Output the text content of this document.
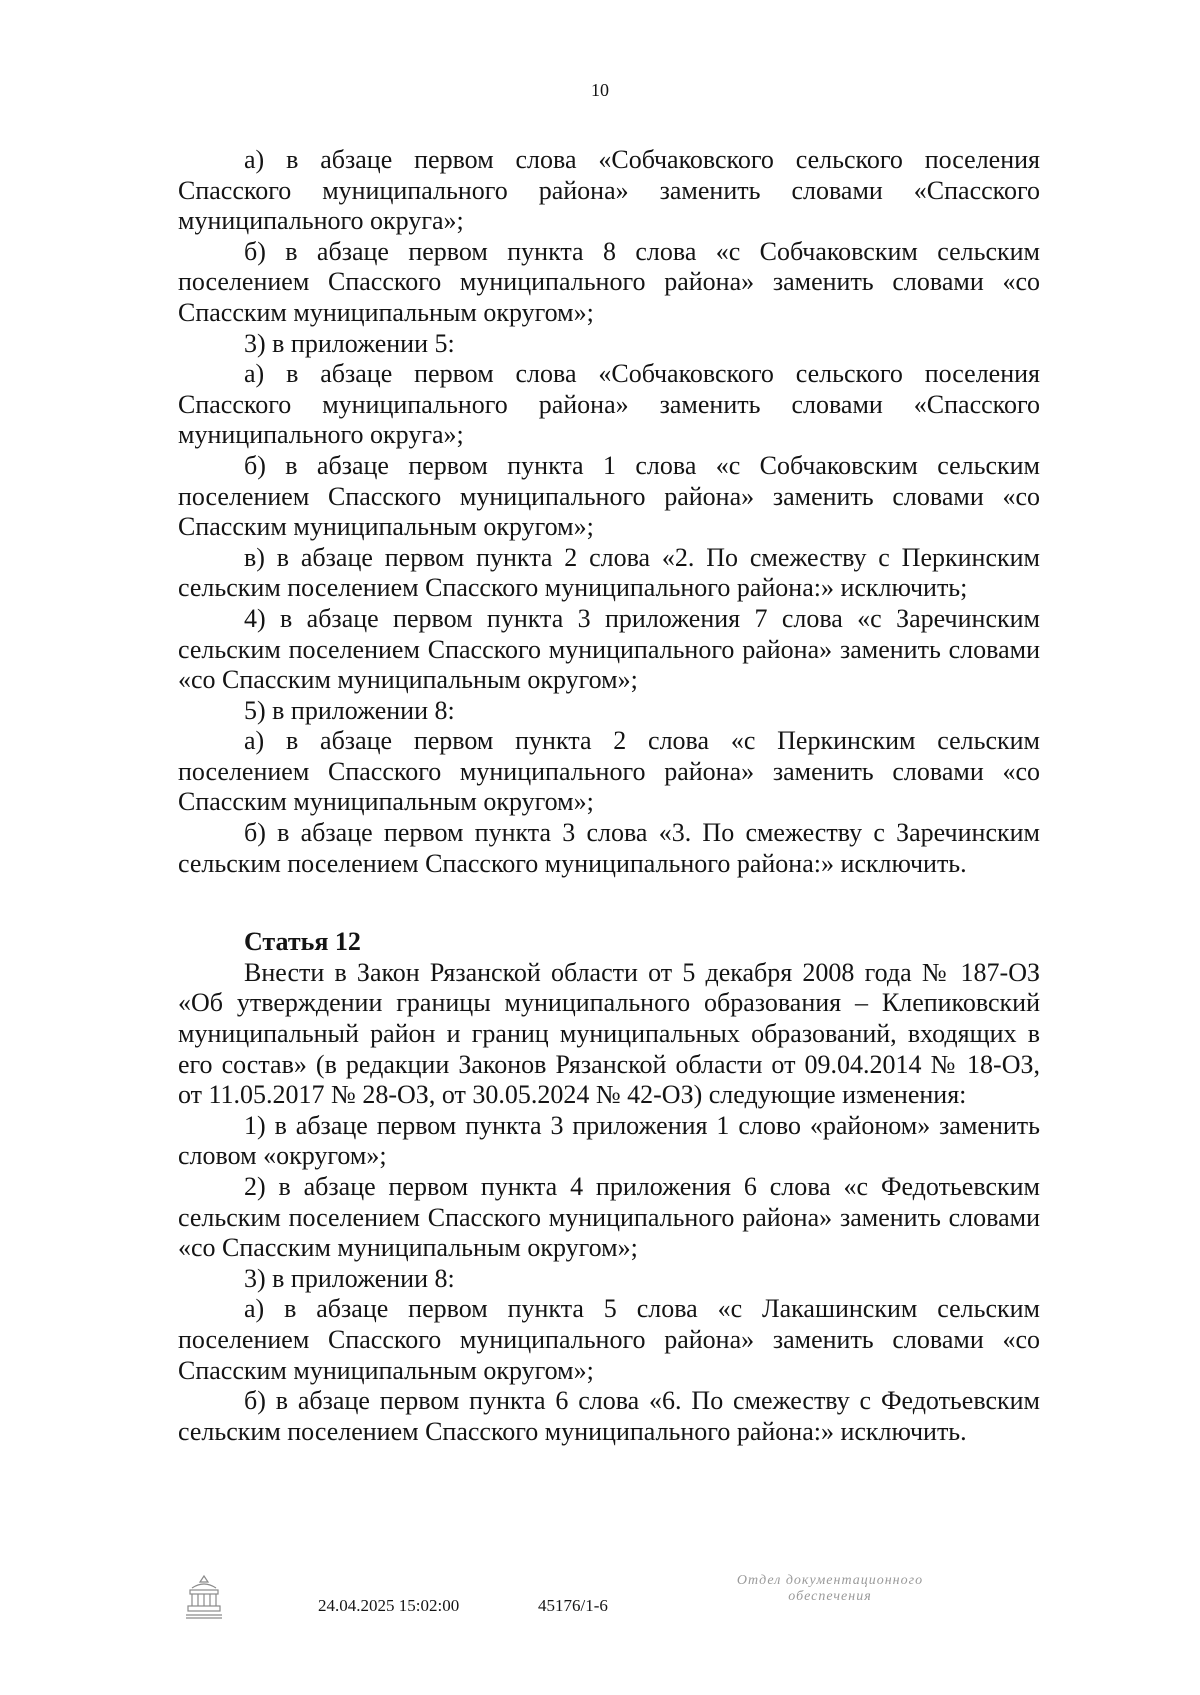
10

а) в абзаце первом слова «Собчаковского сельского поселения Спасского муниципального района» заменить словами «Спасского муниципального округа»;

б) в абзаце первом пункта 8 слова «с Собчаковским сельским поселением Спасского муниципального района» заменить словами «со Спасским муниципальным округом»;

3) в приложении 5:

а) в абзаце первом слова «Собчаковского сельского поселения Спасского муниципального района» заменить словами «Спасского муниципального округа»;

б) в абзаце первом пункта 1 слова «с Собчаковским сельским поселением Спасского муниципального района» заменить словами «со Спасским муниципальным округом»;

в) в абзаце первом пункта 2 слова «2. По смежеству с Перкинским сельским поселением Спасского муниципального района:» исключить;

4) в абзаце первом пункта 3 приложения 7 слова «с Заречинским сельским поселением Спасского муниципального района» заменить словами «со Спасским муниципальным округом»;

5) в приложении 8:

а) в абзаце первом пункта 2 слова «с Перкинским сельским поселением Спасского муниципального района» заменить словами «со Спасским муниципальным округом»;

б) в абзаце первом пункта 3 слова «3. По смежеству с Заречинским сельским поселением Спасского муниципального района:» исключить.

Статья 12

Внести в Закон Рязанской области от 5 декабря 2008 года № 187-ОЗ «Об утверждении границы муниципального образования – Клепиковский муниципальный район и границ муниципальных образований, входящих в его состав» (в редакции Законов Рязанской области от 09.04.2014 № 18-ОЗ, от 11.05.2017 № 28-ОЗ, от 30.05.2024 № 42-ОЗ) следующие изменения:

1) в абзаце первом пункта 3 приложения 1 слово «районом» заменить словом «округом»;

2) в абзаце первом пункта 4 приложения 6 слова «с Федотьевским сельским поселением Спасского муниципального района» заменить словами «со Спасским муниципальным округом»;

3) в приложении 8:

а) в абзаце первом пункта 5 слова «с Лакашинским сельским поселением Спасского муниципального района» заменить словами «со Спасским муниципальным округом»;

б) в абзаце первом пункта 6 слова «6. По смежеству с Федотьевским сельским поселением Спасского муниципального района:» исключить.

24.04.2025 15:02:00	45176/1-6
Отдел документационного
обеспечения
